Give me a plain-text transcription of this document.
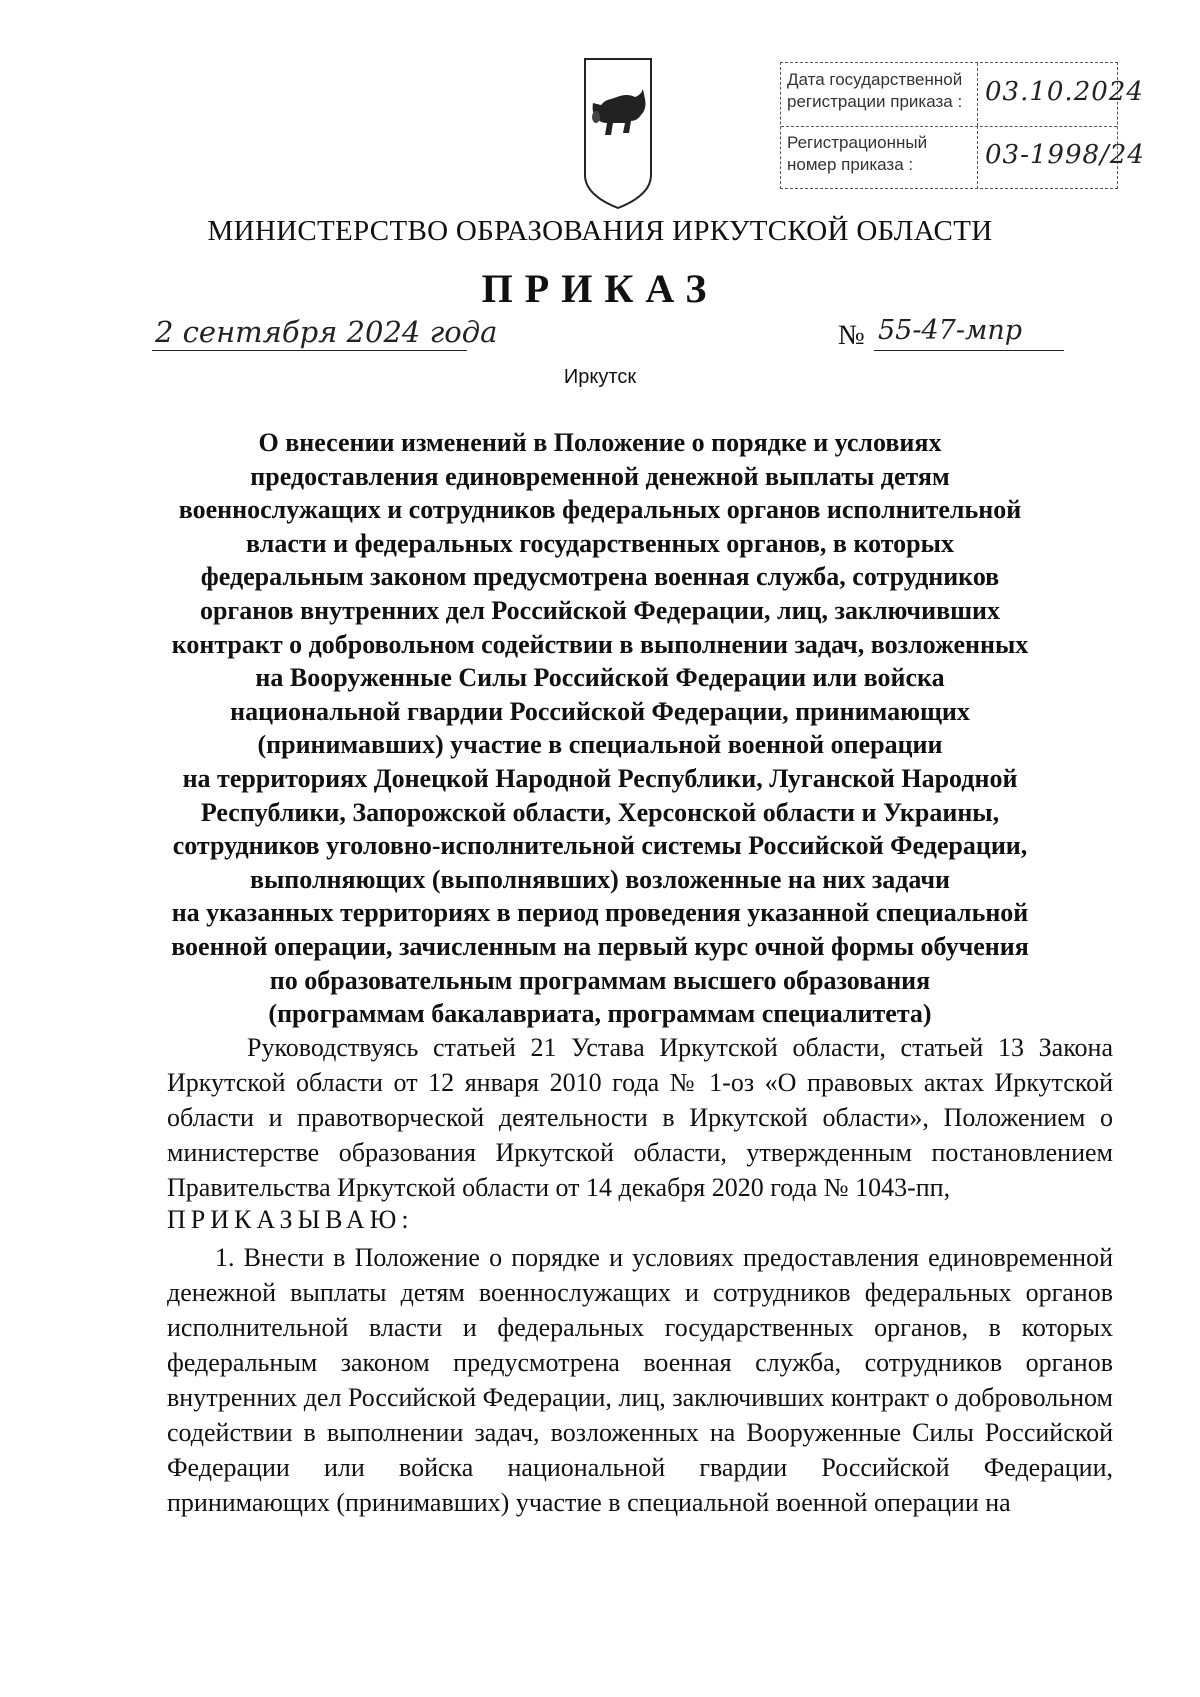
Дата государственной регистрации приказа : 03.10.2024
Регистрационный номер приказа :	03-1998/24
МИНИСТЕРСТВО ОБРАЗОВАНИЯ ИРКУТСКОЙ ОБЛАСТИ
ПРИКАЗ
2 сентября 2024 года	№ 55-47-мпр
Иркутск
О внесении изменений в Положение о порядке и условиях
предоставления единовременной денежной выплаты детям
военнослужащих и сотрудников федеральных органов исполнительной
власти и федеральных государственных органов, в которых
федеральным законом предусмотрена военная служба, сотрудников
органов внутренних дел Российской Федерации, лиц, заключивших
контракт о добровольном содействии в выполнении задач, возложенных
на Вооруженные Силы Российской Федерации или войска
национальной гвардии Российской Федерации, принимающих
(принимавших) участие в специальной военной операции
на территориях Донецкой Народной Республики, Луганской Народной
Республики, Запорожской области, Херсонской области и Украины,
сотрудников уголовно-исполнительной системы Российской Федерации,
выполняющих (выполнявших) возложенные на них задачи
на указанных территориях в период проведения указанной специальной
военной операции, зачисленным на первый курс очной формы обучения
по образовательным программам высшего образования
(программам бакалавриата, программам специалитета)
Руководствуясь статьей 21 Устава Иркутской области, статьей 13 Закона Иркутской области от 12 января 2010 года № 1-оз «О правовых актах Иркутской области и правотворческой деятельности в Иркутской области», Положением о министерстве образования Иркутской области, утвержденным постановлением Правительства Иркутской области от 14 декабря 2020 года № 1043-пп,
ПРИКАЗЫВАЮ:
1. Внести в Положение о порядке и условиях предоставления единовременной денежной выплаты детям военнослужащих и сотрудников федеральных органов исполнительной власти и федеральных государственных органов, в которых федеральным законом предусмотрена военная служба, сотрудников органов внутренних дел Российской Федерации, лиц, заключивших контракт о добровольном содействии в выполнении задач, возложенных на Вооруженные Силы Российской Федерации или войска национальной гвардии Российской Федерации, принимающих (принимавших) участие в специальной военной операции на
